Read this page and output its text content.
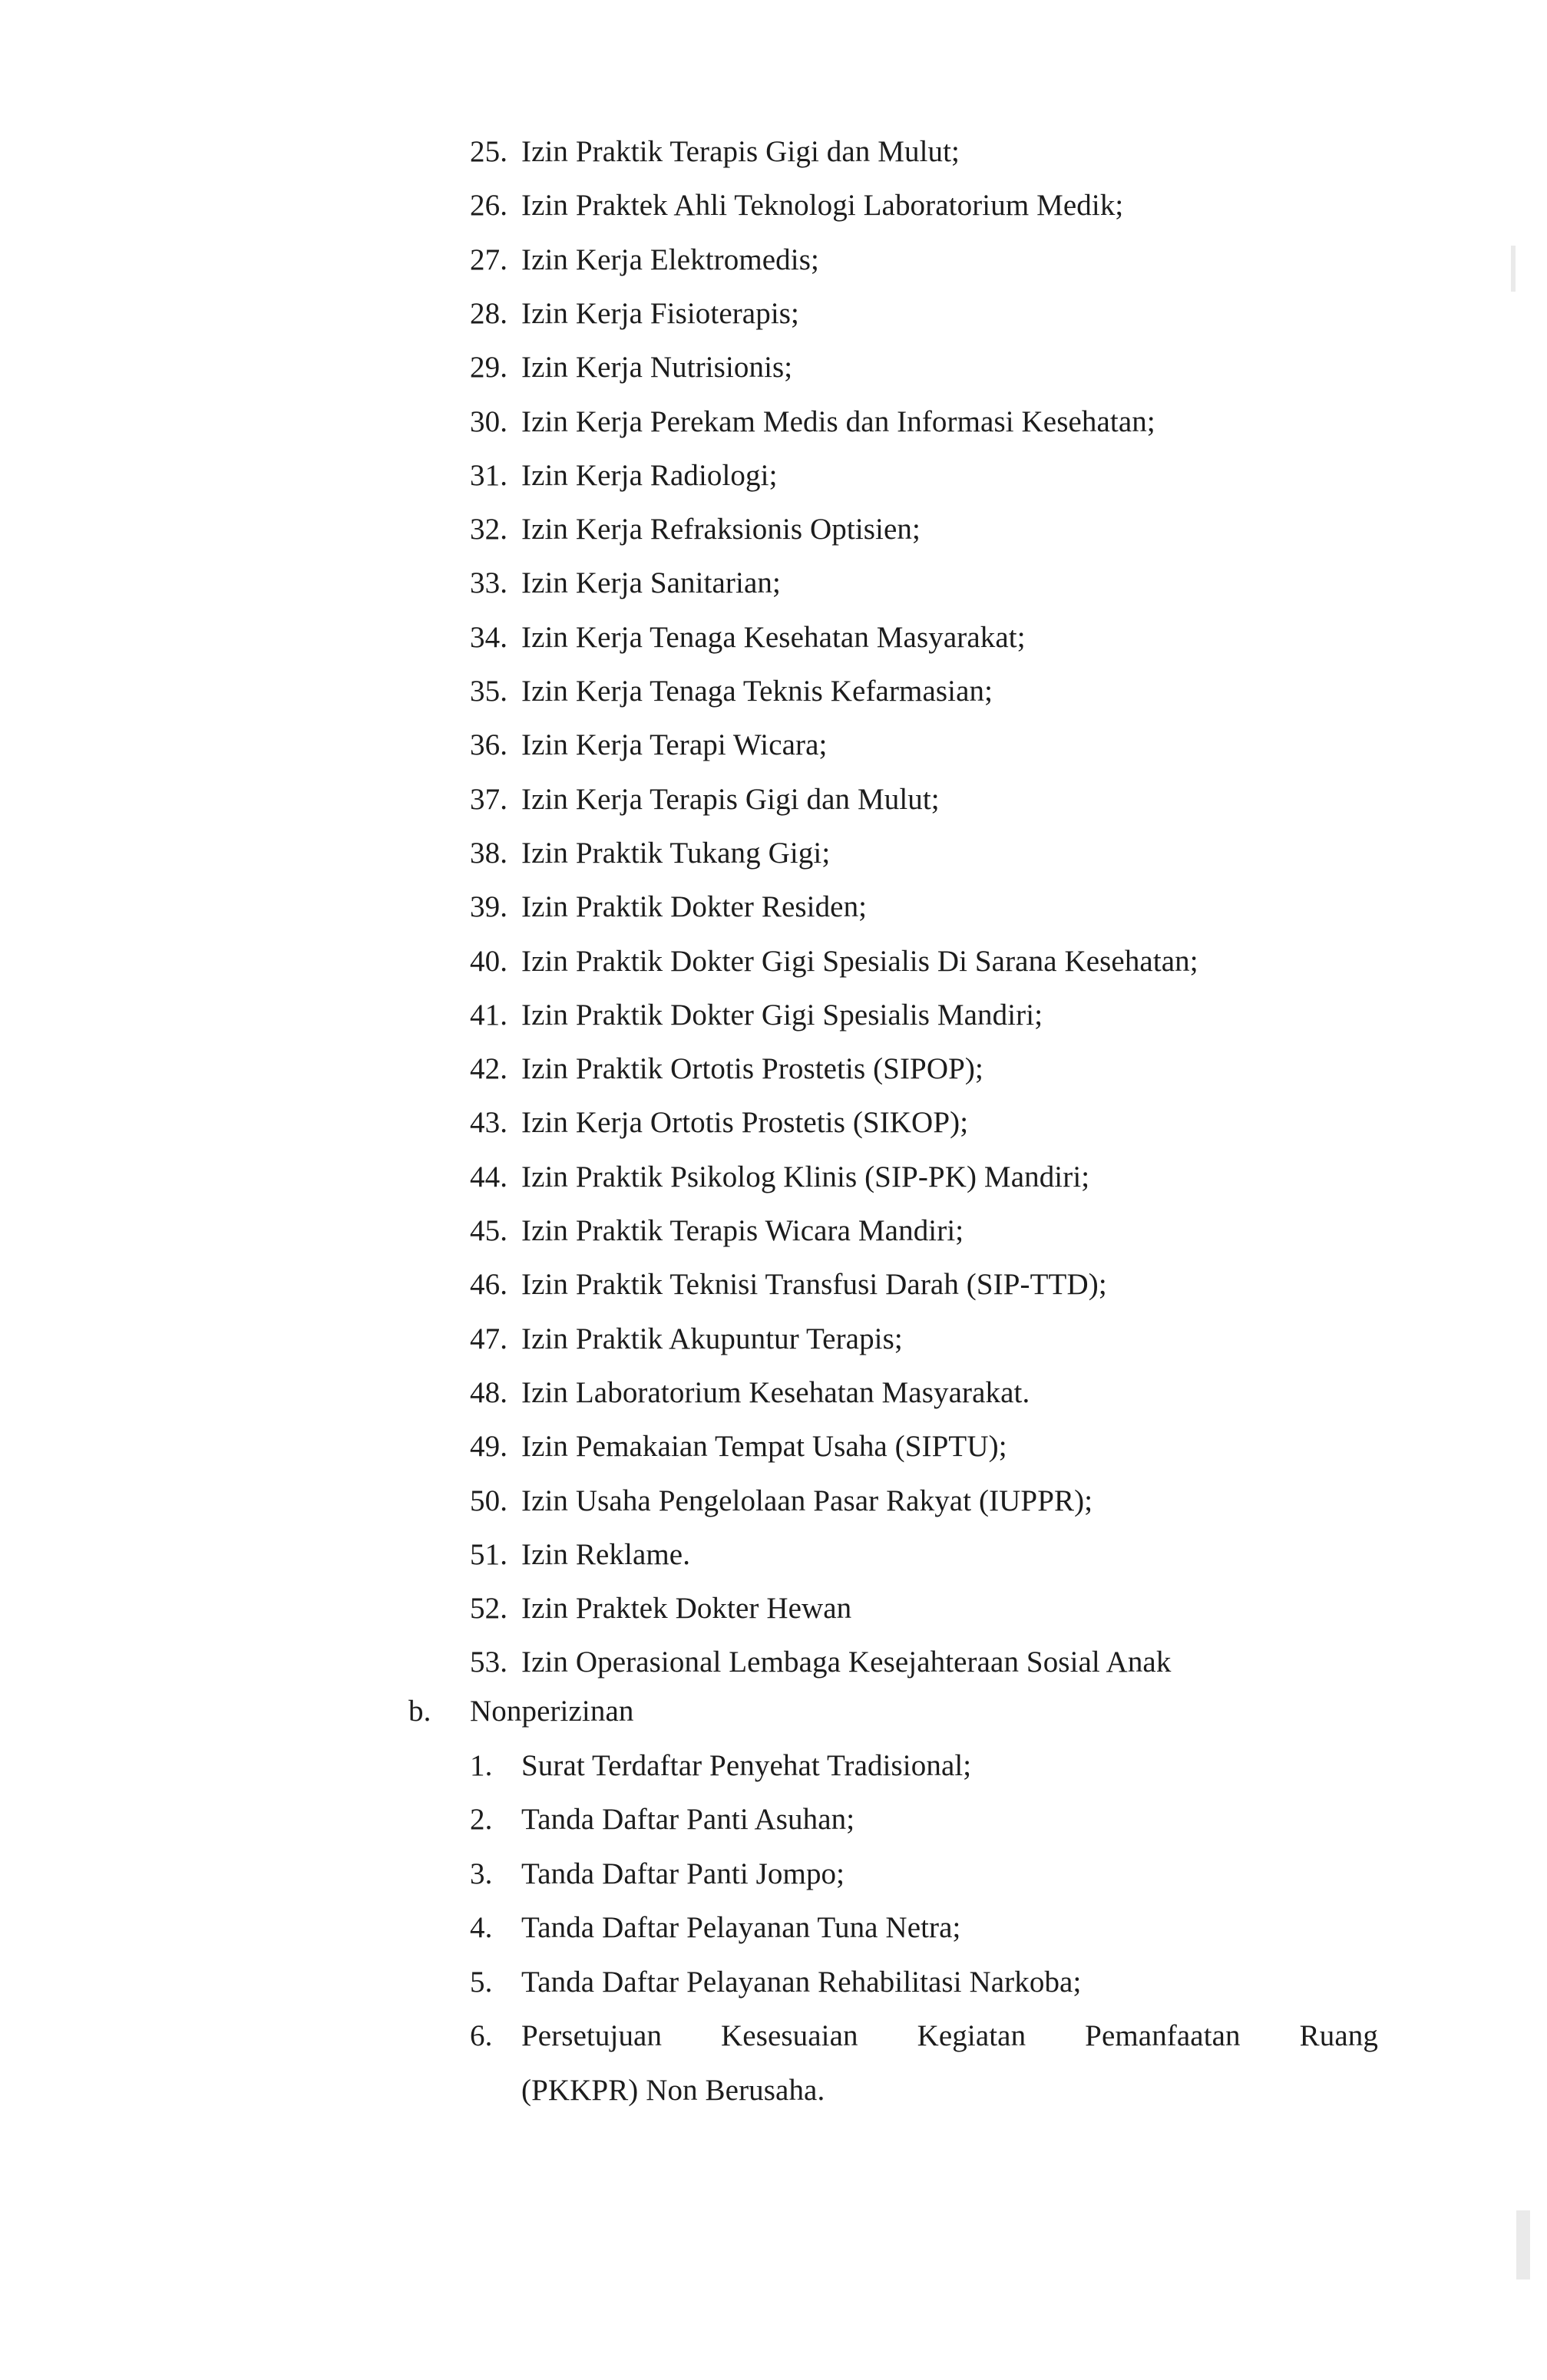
25. Izin Praktik Terapis Gigi dan Mulut;
26. Izin Praktek Ahli Teknologi Laboratorium Medik;
27. Izin Kerja Elektromedis;
28. Izin Kerja Fisioterapis;
29. Izin Kerja Nutrisionis;
30. Izin Kerja Perekam Medis dan Informasi Kesehatan;
31. Izin Kerja Radiologi;
32. Izin Kerja Refraksionis Optisien;
33. Izin Kerja Sanitarian;
34. Izin Kerja Tenaga Kesehatan Masyarakat;
35. Izin Kerja Tenaga Teknis Kefarmasian;
36. Izin Kerja Terapi Wicara;
37. Izin Kerja Terapis Gigi dan Mulut;
38. Izin Praktik Tukang Gigi;
39. Izin Praktik Dokter Residen;
40. Izin Praktik Dokter Gigi Spesialis Di Sarana Kesehatan;
41. Izin Praktik Dokter Gigi Spesialis Mandiri;
42. Izin Praktik Ortotis Prostetis (SIPOP);
43. Izin Kerja Ortotis Prostetis (SIKOP);
44. Izin Praktik Psikolog Klinis (SIP-PK) Mandiri;
45. Izin Praktik Terapis Wicara Mandiri;
46. Izin Praktik Teknisi Transfusi Darah (SIP-TTD);
47. Izin Praktik Akupuntur Terapis;
48. Izin Laboratorium Kesehatan Masyarakat.
49. Izin Pemakaian Tempat Usaha (SIPTU);
50. Izin Usaha Pengelolaan Pasar Rakyat (IUPPR);
51. Izin Reklame.
52. Izin Praktek Dokter Hewan
53. Izin Operasional Lembaga Kesejahteraan Sosial Anak
b. Nonperizinan
1. Surat Terdaftar Penyehat Tradisional;
2. Tanda Daftar Panti Asuhan;
3. Tanda Daftar Panti Jompo;
4. Tanda Daftar Pelayanan Tuna Netra;
5. Tanda Daftar Pelayanan Rehabilitasi Narkoba;
6. Persetujuan Kesesuaian Kegiatan Pemanfaatan Ruang
(PKKPR) Non Berusaha.
